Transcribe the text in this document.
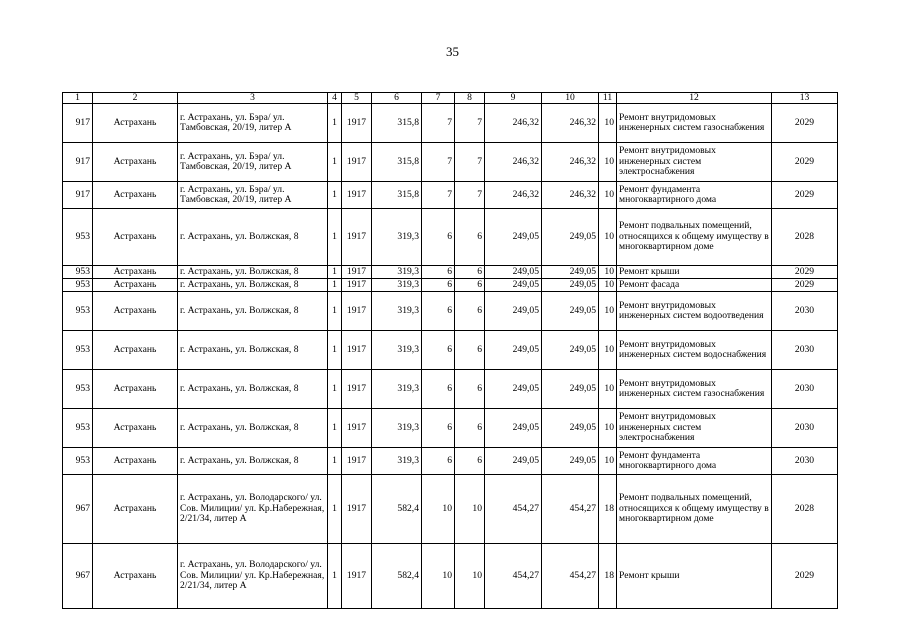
35
1	2	3	4	5	6	7	8	9	10	11	12	13
917	Астрахань	г. Астрахань, ул. Бэра/ ул. Тамбовская, 20/19, литер А	1	1917	315,8	7	7	246,32	246,32	10	Ремонт внутридомовых инженерных систем газоснабжения	2029
917	Астрахань	г. Астрахань, ул. Бэра/ ул. Тамбовская, 20/19, литер А	1	1917	315,8	7	7	246,32	246,32	10	Ремонт внутридомовых инженерных систем электроснабжения	2029
917	Астрахань	г. Астрахань, ул. Бэра/ ул. Тамбовская, 20/19, литер А	1	1917	315,8	7	7	246,32	246,32	10	Ремонт фундамента многоквартирного дома	2029
953	Астрахань	г. Астрахань, ул. Волжская, 8	1	1917	319,3	6	6	249,05	249,05	10	Ремонт подвальных помещений, относящихся к общему имуществу в многоквартирном доме	2028
953	Астрахань	г. Астрахань, ул. Волжская, 8	1	1917	319,3	6	6	249,05	249,05	10	Ремонт крыши	2029
953	Астрахань	г. Астрахань, ул. Волжская, 8	1	1917	319,3	6	6	249,05	249,05	10	Ремонт фасада	2029
953	Астрахань	г. Астрахань, ул. Волжская, 8	1	1917	319,3	6	6	249,05	249,05	10	Ремонт внутридомовых инженерных систем водоотведения	2030
953	Астрахань	г. Астрахань, ул. Волжская, 8	1	1917	319,3	6	6	249,05	249,05	10	Ремонт внутридомовых инженерных систем водоснабжения	2030
953	Астрахань	г. Астрахань, ул. Волжская, 8	1	1917	319,3	6	6	249,05	249,05	10	Ремонт внутридомовых инженерных систем газоснабжения	2030
953	Астрахань	г. Астрахань, ул. Волжская, 8	1	1917	319,3	6	6	249,05	249,05	10	Ремонт внутридомовых инженерных систем электроснабжения	2030
953	Астрахань	г. Астрахань, ул. Волжская, 8	1	1917	319,3	6	6	249,05	249,05	10	Ремонт фундамента многоквартирного дома	2030
967	Астрахань	г. Астрахань, ул. Володарского/ ул. Сов. Милиции/ ул. Кр.Набережная, 2/21/34, литер А	1	1917	582,4	10	10	454,27	454,27	18	Ремонт подвальных помещений, относящихся к общему имуществу в многоквартирном доме	2028
967	Астрахань	г. Астрахань, ул. Володарского/ ул. Сов. Милиции/ ул. Кр.Набережная, 2/21/34, литер А	1	1917	582,4	10	10	454,27	454,27	18	Ремонт крыши	2029
